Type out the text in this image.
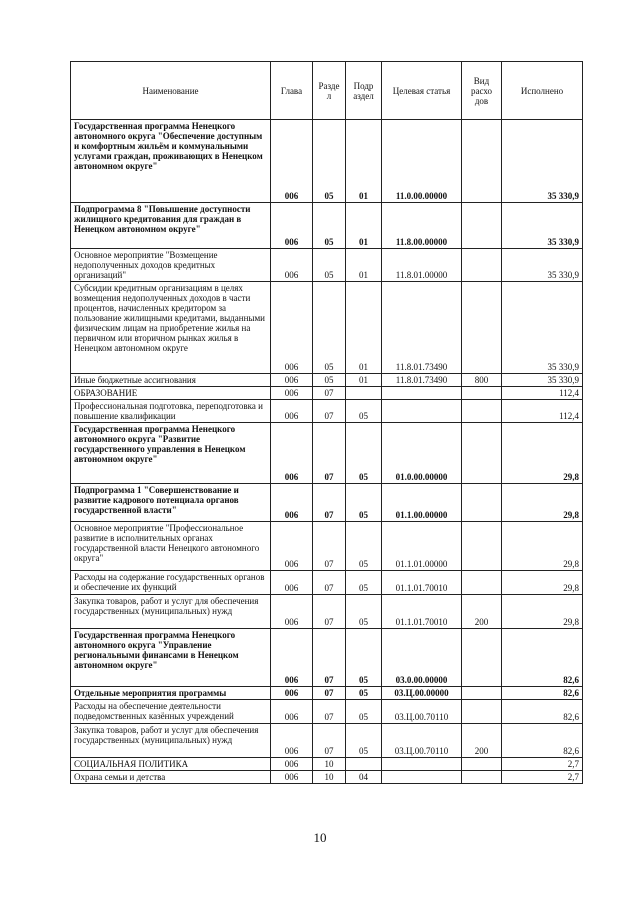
Наименование	Глава	Разде л	Подр аздел	Целевая статья	Вид расхо дов	Исполнено
Государственная программа Ненецкого автономного округа "Обеспечение доступным и комфортным жильём и коммунальными услугами граждан, проживающих в Ненецком автономном округе"	006	05	01	11.0.00.00000		35 330,9
Подпрограмма 8 "Повышение доступности жилищного кредитования для граждан в Ненецком автономном округе"	006	05	01	11.8.00.00000		35 330,9
Основное мероприятие "Возмещение недополученных доходов кредитных организаций"	006	05	01	11.8.01.00000		35 330,9
Субсидии кредитным организациям в целях возмещения недополученных доходов в части процентов, начисленных кредитором за пользование жилищными кредитами, выданными физическим лицам на приобретение жилья на первичном или вторичном рынках жилья в Ненецком автономном округе	006	05	01	11.8.01.73490		35 330,9
Иные бюджетные ассигнования	006	05	01	11.8.01.73490	800	35 330,9
ОБРАЗОВАНИЕ	006	07				112,4
Профессиональная подготовка, переподготовка и повышение квалификации	006	07	05			112,4
Государственная программа Ненецкого автономного округа "Развитие государственного управления в Ненецком автономном округе"	006	07	05	01.0.00.00000		29,8
Подпрограмма 1 "Совершенствование и развитие кадрового потенциала органов государственной власти"	006	07	05	01.1.00.00000		29,8
Основное мероприятие "Профессиональное развитие в исполнительных органах государственной власти Ненецкого автономного округа"	006	07	05	01.1.01.00000		29,8
Расходы на содержание государственных органов и обеспечение их функций	006	07	05	01.1.01.70010		29,8
Закупка товаров, работ и услуг для обеспечения государственных (муниципальных) нужд	006	07	05	01.1.01.70010	200	29,8
Государственная программа Ненецкого автономного округа "Управление региональными финансами в Ненецком автономном округе"	006	07	05	03.0.00.00000		82,6
Отдельные мероприятия программы	006	07	05	03.Ц.00.00000		82,6
Расходы на обеспечение деятельности подведомственных казённых учреждений	006	07	05	03.Ц.00.70110		82,6
Закупка товаров, работ и услуг для обеспечения государственных (муниципальных) нужд	006	07	05	03.Ц.00.70110	200	82,6
СОЦИАЛЬНАЯ ПОЛИТИКА	006	10				2,7
Охрана семьи и детства	006	10	04			2,7
10
